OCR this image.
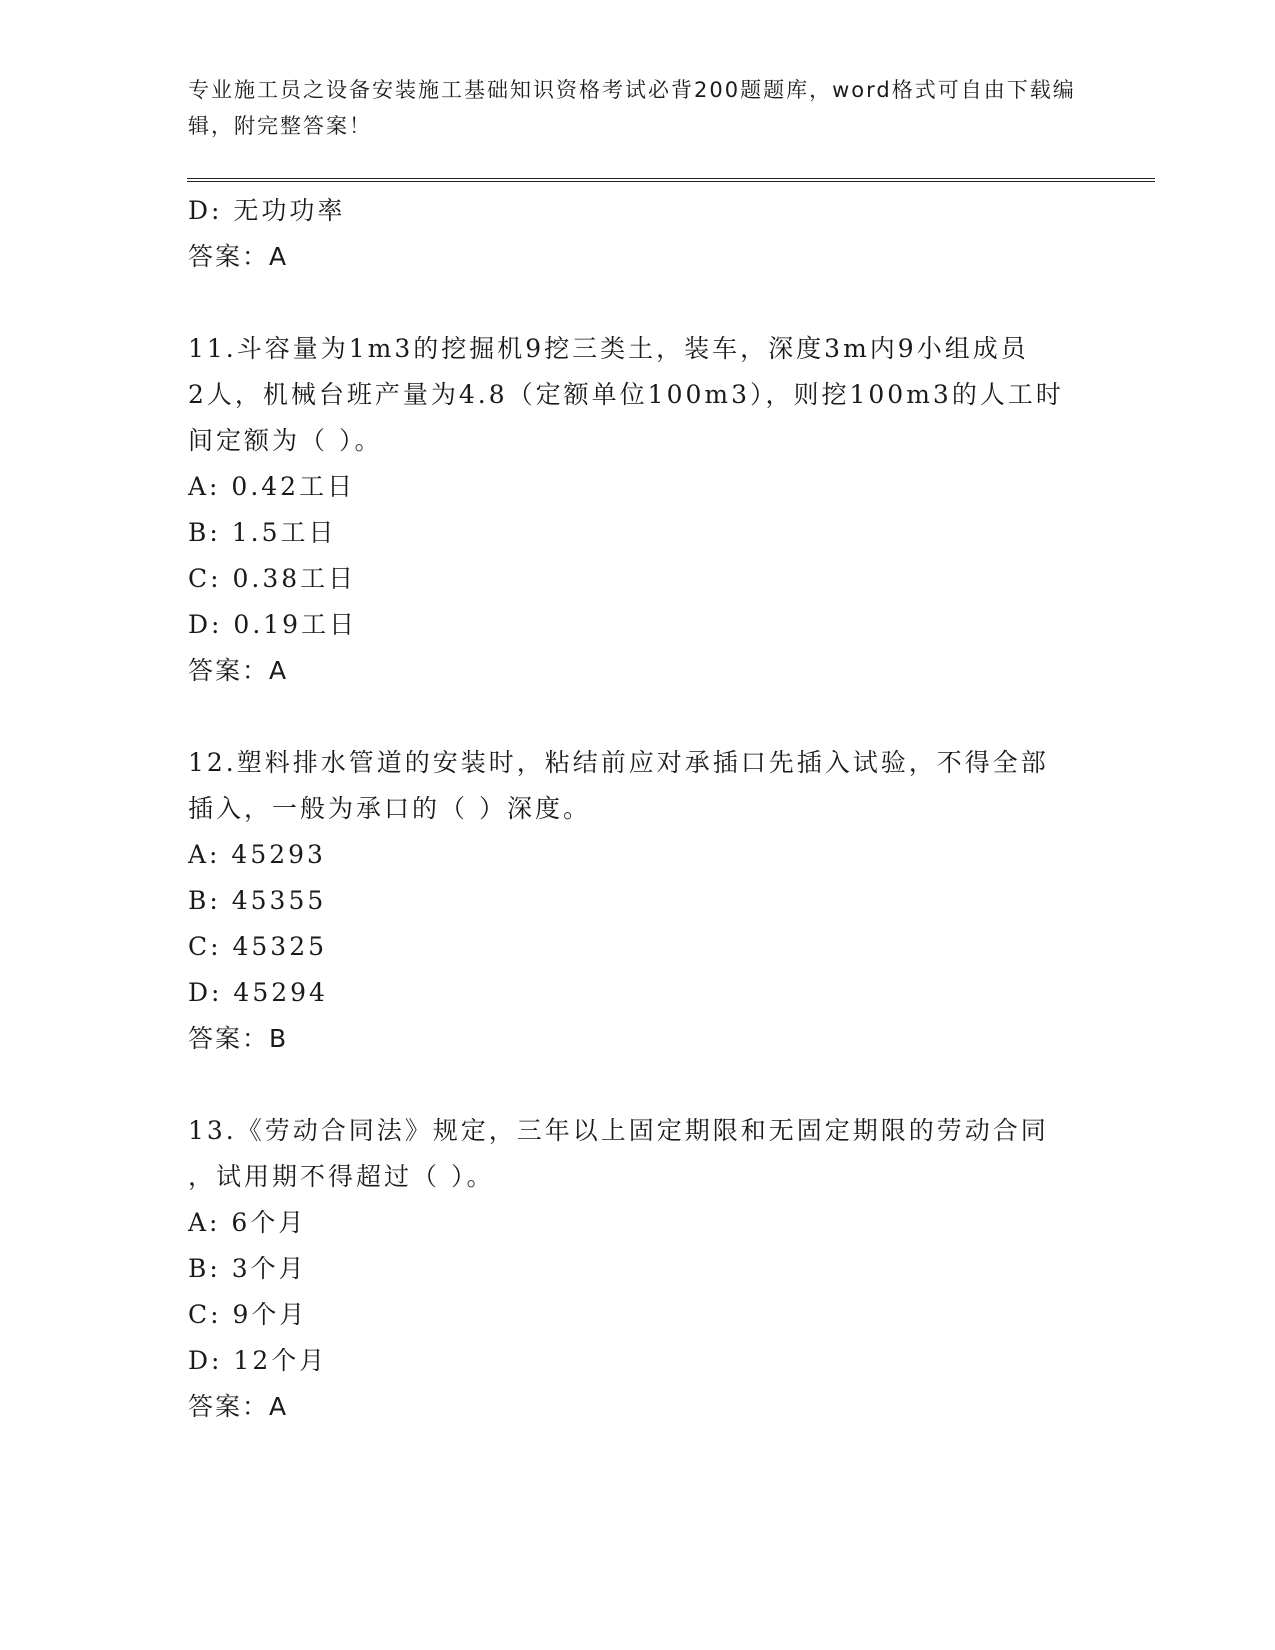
专业施工员之设备安装施工基础知识资格考试必背200题题库，word格式可自由下载编辑，附完整答案！
D: 无功功率
答案：A
11.斗容量为1m3的挖掘机9挖三类土，装车，深度3m内9小组成员
2人，机械台班产量为4.8（定额单位100m3），则挖100m3的人工时
间定额为（ ）。
A: 0.42工日
B: 1.5工日
C: 0.38工日
D: 0.19工日
答案：A
12.塑料排水管道的安装时，粘结前应对承插口先插入试验，不得全部
插入，一般为承口的（ ）深度。
A: 45293
B: 45355
C: 45325
D: 45294
答案：B
13.《劳动合同法》规定，三年以上固定期限和无固定期限的劳动合同
，试用期不得超过（ ）。
A: 6个月
B: 3个月
C: 9个月
D: 12个月
答案：A
